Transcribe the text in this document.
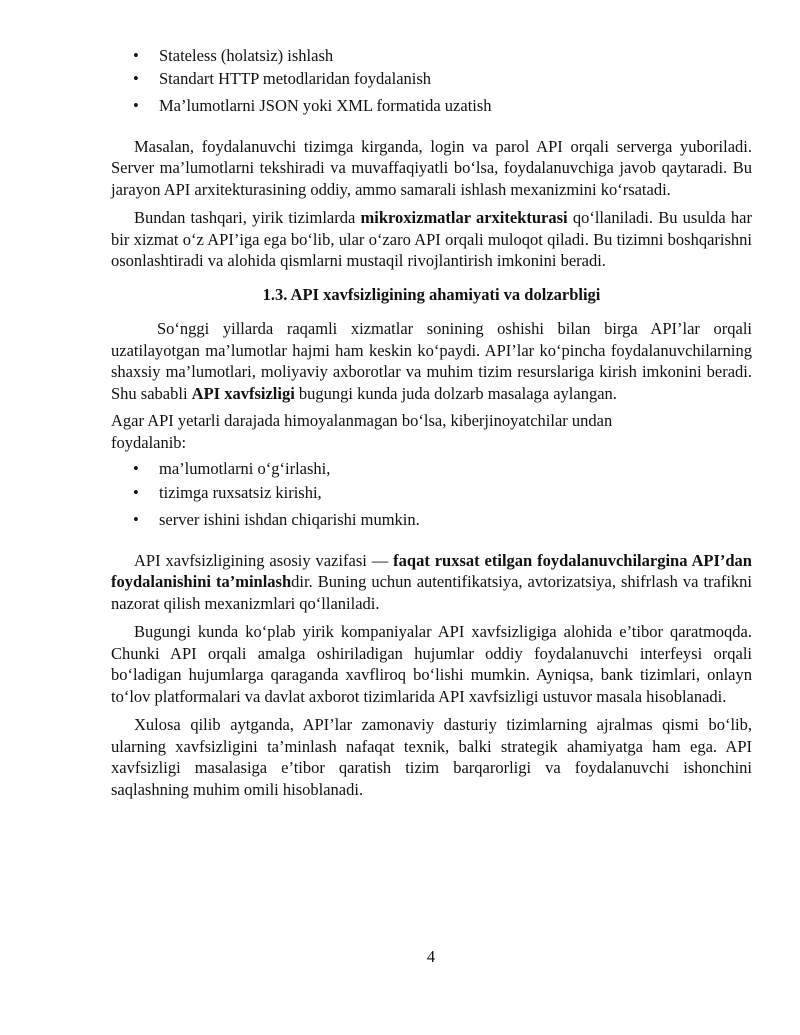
• Stateless (holatsiz) ishlash
• Standart HTTP metodlaridan foydalanish
• Ma’lumotlarni JSON yoki XML formatida uzatish

Masalan, foydalanuvchi tizimga kirganda, login va parol API orqali serverga yuboriladi. Server ma’lumotlarni tekshiradi va muvaffaqiyatli bo‘lsa, foydalanuvchiga javob qaytaradi. Bu jarayon API arxitekturasining oddiy, ammo samarali ishlash mexanizmini ko‘rsatadi.

Bundan tashqari, yirik tizimlarda mikroxizmatlar arxitekturasi qo‘llaniladi. Bu usulda har bir xizmat o‘z API’iga ega bo‘lib, ular o‘zaro API orqali muloqot qiladi. Bu tizimni boshqarishni osonlashtiradi va alohida qismlarni mustaqil rivojlantirish imkonini beradi.

1.3. API xavfsizligining ahamiyati va dolzarbligi

So‘nggi yillarda raqamli xizmatlar sonining oshishi bilan birga API’lar orqali uzatilayotgan ma’lumotlar hajmi ham keskin ko‘paydi. API’lar ko‘pincha foydalanuvchilarning shaxsiy ma’lumotlari, moliyaviy axborotlar va muhim tizim resurslariga kirish imkonini beradi. Shu sababli API xavfsizligi bugungi kunda juda dolzarb masalaga aylangan.

Agar API yetarli darajada himoyalanmagan bo‘lsa, kiberjinoyatchilar undan
foydalanib:

• ma’lumotlarni o‘g‘irlashi,
• tizimga ruxsatsiz kirishi,
• server ishini ishdan chiqarishi mumkin.

API xavfsizligining asosiy vazifasi — faqat ruxsat etilgan foydalanuvchilargina API’dan foydalanishini ta’minlashdir. Buning uchun autentifikatsiya, avtorizatsiya, shifrlash va trafikni nazorat qilish mexanizmlari qo‘llaniladi.

Bugungi kunda ko‘plab yirik kompaniyalar API xavfsizligiga alohida e’tibor qaratmoqda. Chunki API orqali amalga oshiriladigan hujumlar oddiy foydalanuvchi interfeysi orqali bo‘ladigan hujumlarga qaraganda xavfliroq bo‘lishi mumkin. Ayniqsa, bank tizimlari, onlayn to‘lov platformalari va davlat axborot tizimlarida API xavfsizligi ustuvor masala hisoblanadi.

Xulosa qilib aytganda, API’lar zamonaviy dasturiy tizimlarning ajralmas qismi bo‘lib, ularning xavfsizligini ta’minlash nafaqat texnik, balki strategik ahamiyatga ham ega. API xavfsizligi masalasiga e’tibor qaratish tizim barqarorligi va foydalanuvchi ishonchini saqlashning muhim omili hisoblanadi.

4
